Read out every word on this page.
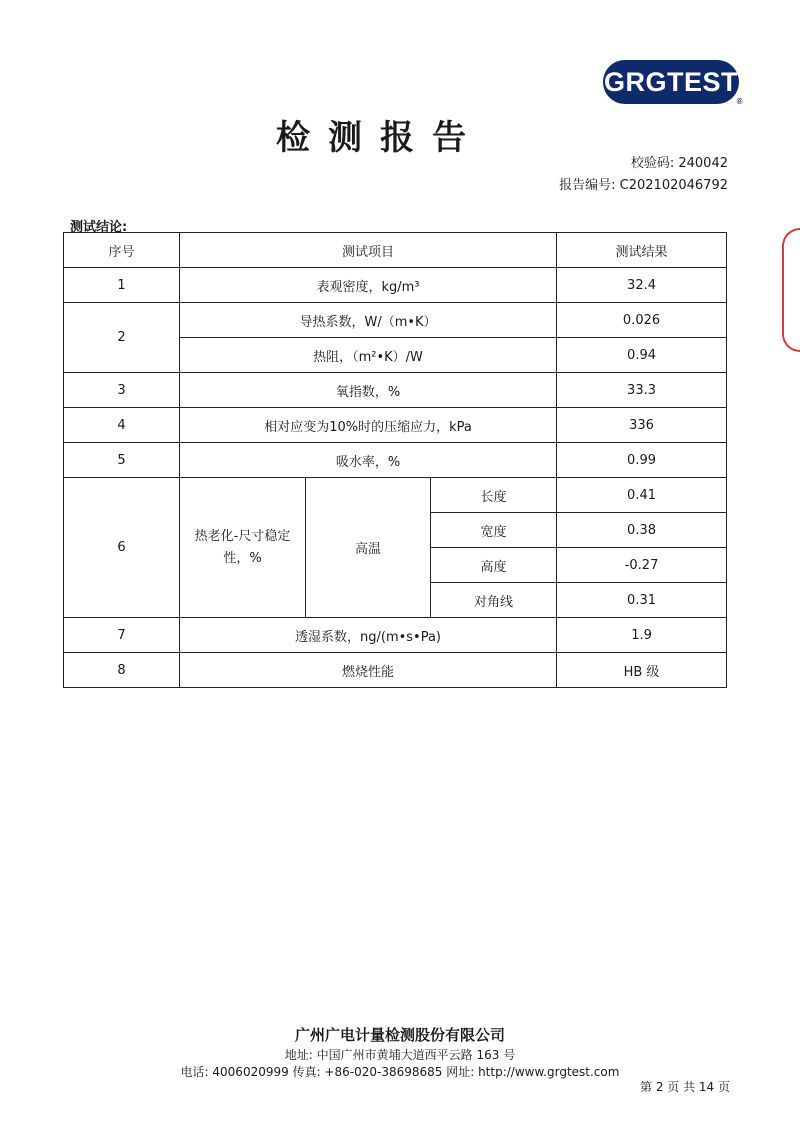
GRGTEST
®
检测报告
校验码: 240042
报告编号: C202102046792
测试结论:
序号	测试项目			测试结果
1	表观密度，kg/m³			32.4
2	导热系数，W/（m•K）			0.026
	热阻，（m²•K）/W			0.94
3	氧指数，%			33.3
4	相对应变为10%时的压缩应力，kPa			336
5	吸水率，%			0.99
6	热老化-尺寸稳定性，%	高温	长度	0.41
			宽度	0.38
			高度	-0.27
			对角线	0.31
7	透湿系数，ng/(m•s•Pa)			1.9
8	燃烧性能			HB 级
广州广电计量检测股份有限公司
地址: 中国广州市黄埔大道西平云路 163 号
电话: 4006020999 传真: +86-020-38698685 网址: http://www.grgtest.com
第 2 页 共 14 页
